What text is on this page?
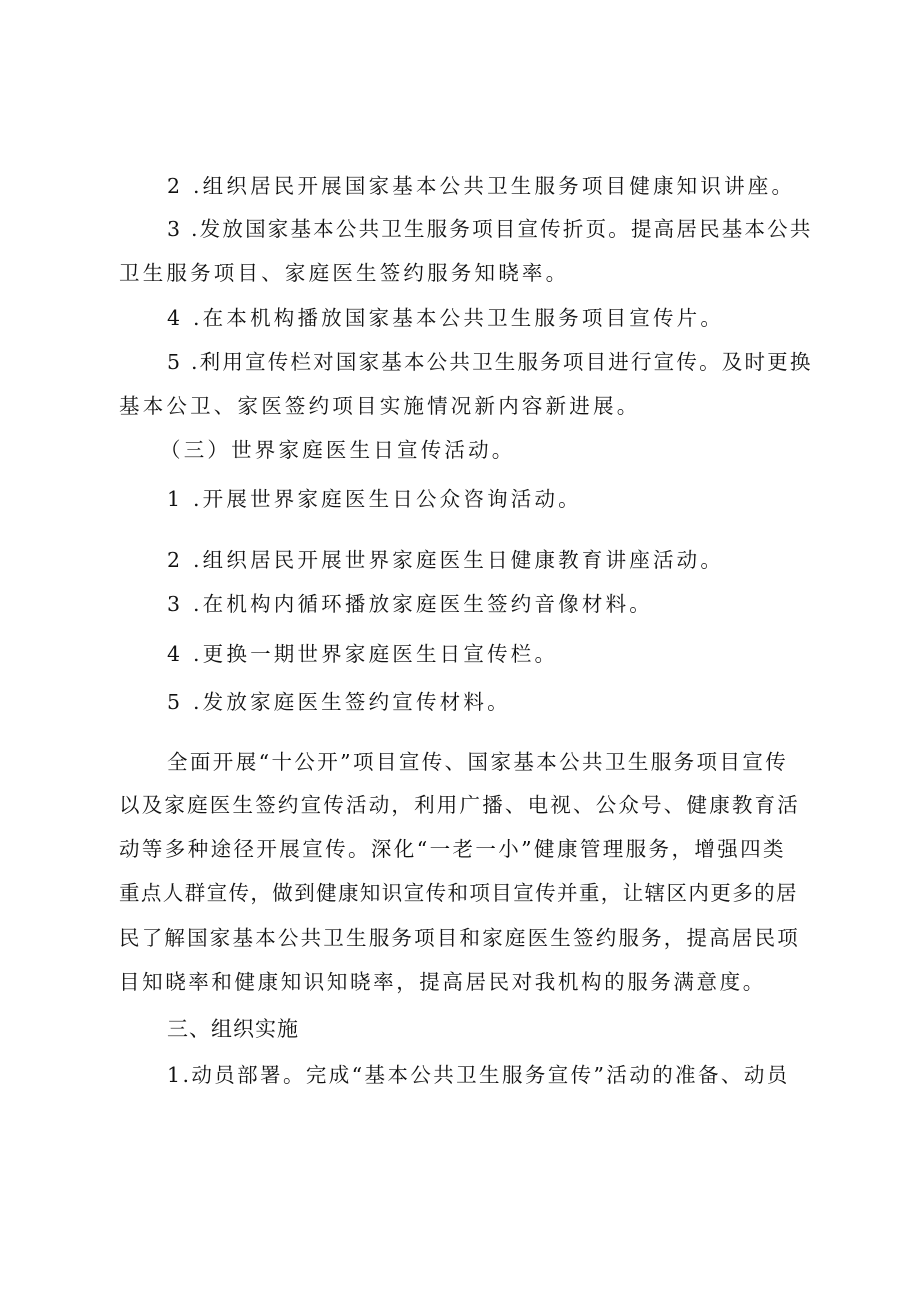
2 .组织居民开展国家基本公共卫生服务项目健康知识讲座。
3 .发放国家基本公共卫生服务项目宣传折页。提高居民基本公共
卫生服务项目、家庭医生签约服务知晓率。
4 .在本机构播放国家基本公共卫生服务项目宣传片。
5 .利用宣传栏对国家基本公共卫生服务项目进行宣传。及时更换
基本公卫、家医签约项目实施情况新内容新进展。
（三）世界家庭医生日宣传活动。
1 .开展世界家庭医生日公众咨询活动。
2 .组织居民开展世界家庭医生日健康教育讲座活动。
3 .在机构内循环播放家庭医生签约音像材料。
4 .更换一期世界家庭医生日宣传栏。
5 .发放家庭医生签约宣传材料。
全面开展“十公开”项目宣传、国家基本公共卫生服务项目宣传
以及家庭医生签约宣传活动，利用广播、电视、公众号、健康教育活
动等多种途径开展宣传。深化“一老一小”健康管理服务，增强四类
重点人群宣传，做到健康知识宣传和项目宣传并重，让辖区内更多的居
民了解国家基本公共卫生服务项目和家庭医生签约服务，提高居民项
目知晓率和健康知识知晓率，提高居民对我机构的服务满意度。
三、组织实施
1.动员部署。完成“基本公共卫生服务宣传”活动的准备、动员
